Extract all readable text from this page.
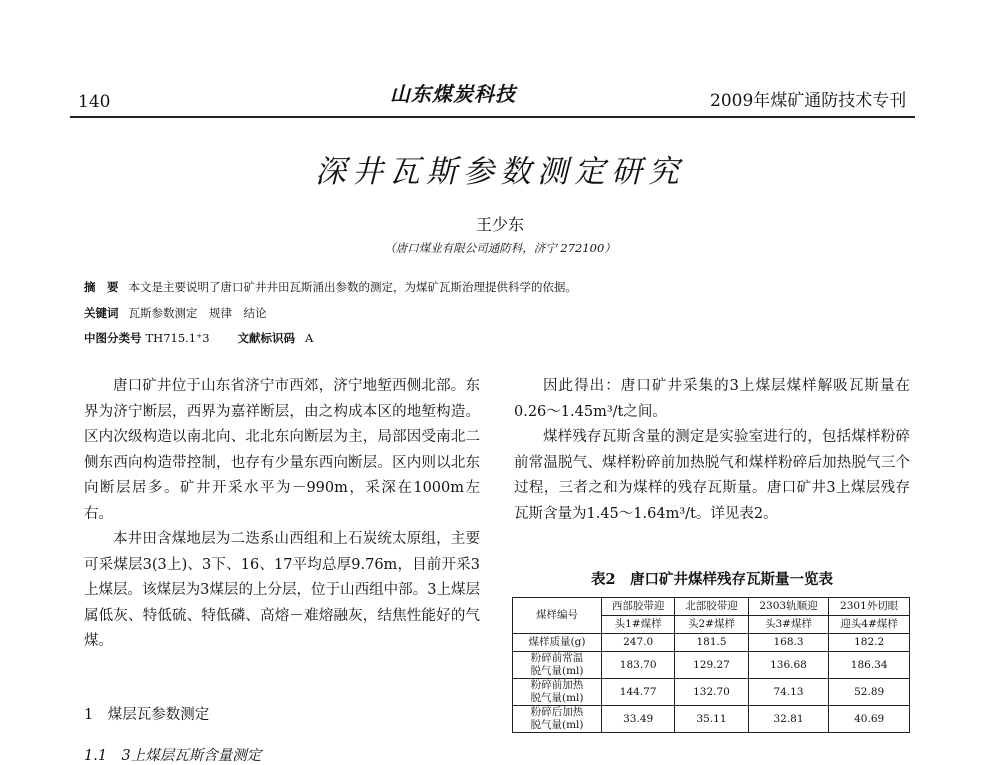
140	山东煤炭科技	2009年煤矿通防技术专刊
深井瓦斯参数测定研究
王少东
（唐口煤业有限公司通防科，济宁 272100）
摘　要 本文是主要说明了唐口矿井井田瓦斯涌出参数的测定，为煤矿瓦斯治理提供科学的依据。
关键词 瓦斯参数测定　规律　结论
中图分类号 TH715.1⁺3 文献标识码 A

唐口矿井位于山东省济宁市西郊，济宁地堑西侧北部。东界为济宁断层，西界为嘉祥断层，由之构成本区的地堑构造。区内次级构造以南北向、北北东向断层为主，局部因受南北二侧东西向构造带控制，也存有少量东西向断层。区内则以北东向断层居多。矿井开采水平为－990m，采深在1000m左右。

本井田含煤地层为二迭系山西组和上石炭统太原组，主要可采煤层3(3上)、3下、16、17平均总厚9.76m，目前开采3上煤层。该煤层为3煤层的上分层，位于山西组中部。3上煤层属低灰、特低硫、特低磷、高熔－难熔融灰，结焦性能好的气煤。

1　煤层瓦参数测定
1.1　3上煤层瓦斯含量测定

因此得出：唐口矿井采集的3上煤层煤样解吸瓦斯量在0.26～1.45m³/t之间。

煤样残存瓦斯含量的测定是实验室进行的，包括煤样粉碎前常温脱气、煤样粉碎前加热脱气和煤样粉碎后加热脱气三个过程，三者之和为煤样的残存瓦斯量。唐口矿井3上煤层残存瓦斯含量为1.45～1.64m³/t。详见表2。

表2　唐口矿井煤样残存瓦斯量一览表
煤样编号	西部胶带迎	北部胶带迎	2303轨顺迎	2301外切眼
	头1#煤样	头2#煤样	头3#煤样	迎头4#煤样
煤样质量(g)	247.0	181.5	168.3	182.2
粉碎前常温
脱气量(ml)	183.70	129.27	136.68	186.34
粉碎前加热
脱气量(ml)	144.77	132.70	74.13	52.89
粉碎后加热
脱气量(ml)	33.49	35.11	32.81	40.69
